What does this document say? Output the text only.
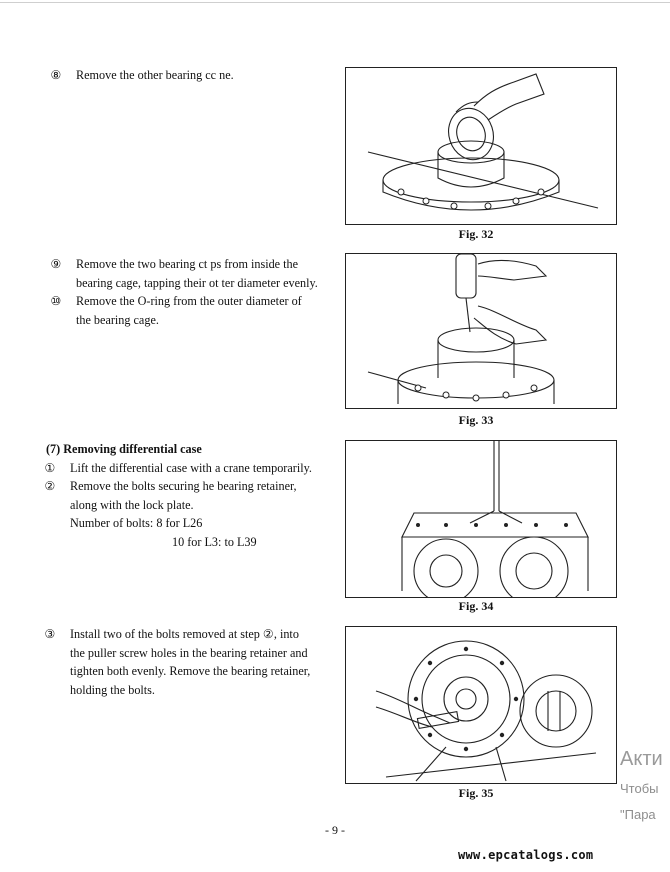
⑧ Remove the other bearing cc ne.
⑨ Remove the two bearing ct ps from inside the
bearing cage, tapping their ot ter diameter evenly.
⑩ Remove the O-ring from the outer diameter of
the bearing cage.
(7) Removing differential case
① Lift the differential case with a crane temporarily.
② Remove the bolts securing he bearing retainer,
along with the lock plate.
Number of bolts: 8 for L26
10 for L3: to L39
③ Install two of the bolts removed at step ②, into
the puller screw holes in the bearing retainer and
tighten both evenly. Remove the bearing retainer,
holding the bolts.
Fig. 32
Fig. 33
Fig. 34
Fig. 35
- 9 -
www.epcatalogs.com
Акти
Чтобы
"Пара
